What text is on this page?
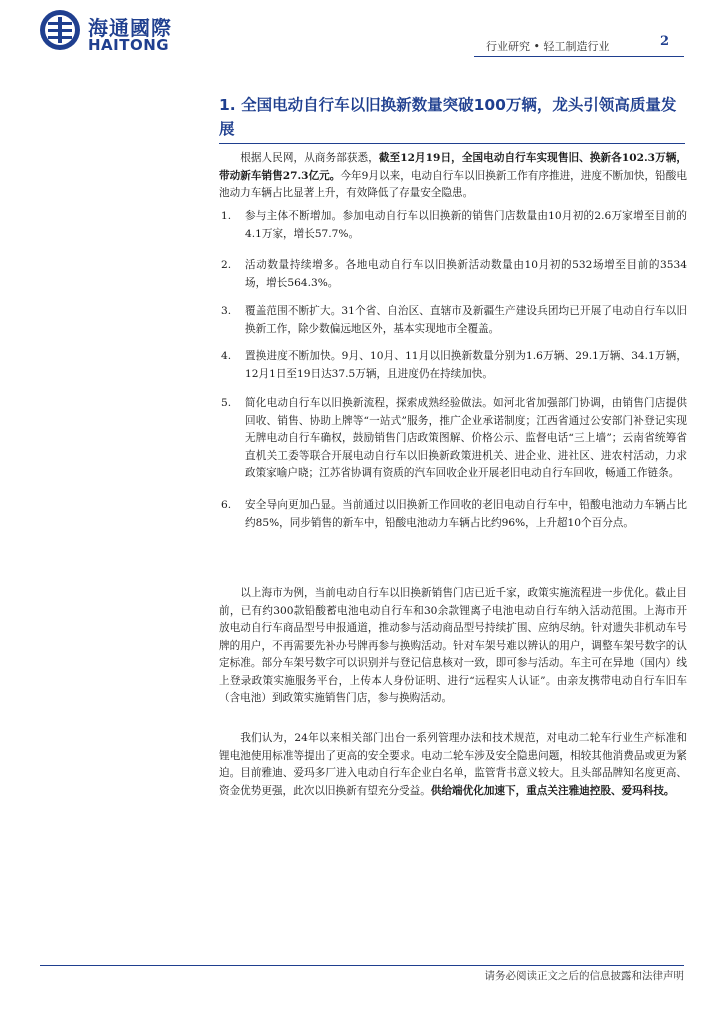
海通國際
HAITONG	行业研究 • 轻工制造行业	2
1. 全国电动自行车以旧换新数量突破100万辆，龙头引领高质量发展
根据人民网，从商务部获悉，截至12月19日，全国电动自行车实现售旧、换新各102.3万辆，带动新车销售27.3亿元。今年9月以来，电动自行车以旧换新工作有序推进，进度不断加快，铅酸电池动力车辆占比显著上升，有效降低了存量安全隐患。
1. 参与主体不断增加。参加电动自行车以旧换新的销售门店数量由10月初的2.6万家增至目前的4.1万家，增长57.7%。
2. 活动数量持续增多。各地电动自行车以旧换新活动数量由10月初的532场增至目前的3534场，增长564.3%。
3. 覆盖范围不断扩大。31个省、自治区、直辖市及新疆生产建设兵团均已开展了电动自行车以旧换新工作，除少数偏远地区外，基本实现地市全覆盖。
4. 置换进度不断加快。9月、10月、11月以旧换新数量分别为1.6万辆、29.1万辆、34.1万辆，12月1日至19日达37.5万辆，且进度仍在持续加快。
5. 简化电动自行车以旧换新流程，探索成熟经验做法。如河北省加强部门协调，由销售门店提供回收、销售、协助上牌等“一站式”服务，推广企业承诺制度；江西省通过公安部门补登记实现无牌电动自行车确权，鼓励销售门店政策图解、价格公示、监督电话“三上墙”；云南省统筹省直机关工委等联合开展电动自行车以旧换新政策进机关、进企业、进社区、进农村活动，力求政策家喻户晓；江苏省协调有资质的汽车回收企业开展老旧电动自行车回收，畅通工作链条。
6. 安全导向更加凸显。当前通过以旧换新工作回收的老旧电动自行车中，铅酸电池动力车辆占比约85%，同步销售的新车中，铅酸电池动力车辆占比约96%，上升超10个百分点。
以上海市为例，当前电动自行车以旧换新销售门店已近千家，政策实施流程进一步优化。截止目前，已有约300款铅酸蓄电池电动自行车和30余款锂离子电池电动自行车纳入活动范围。上海市开放电动自行车商品型号申报通道，推动参与活动商品型号持续扩围、应纳尽纳。针对遗失非机动车号牌的用户，不再需要先补办号牌再参与换购活动。针对车架号难以辨认的用户，调整车架号数字的认定标准。部分车架号数字可以识别并与登记信息核对一致，即可参与活动。车主可在异地（国内）线上登录政策实施服务平台，上传本人身份证明、进行“远程实人认证”。由亲友携带电动自行车旧车（含电池）到政策实施销售门店，参与换购活动。
我们认为，24年以来相关部门出台一系列管理办法和技术规范，对电动二轮车行业生产标准和锂电池使用标准等提出了更高的安全要求。电动二轮车涉及安全隐患问题，相较其他消费品或更为紧迫。目前雅迪、爱玛多厂进入电动自行车企业白名单，监管背书意义较大。且头部品牌知名度更高、资金优势更强，此次以旧换新有望充分受益。供给端优化加速下，重点关注雅迪控股、爱玛科技。
请务必阅读正文之后的信息披露和法律声明
